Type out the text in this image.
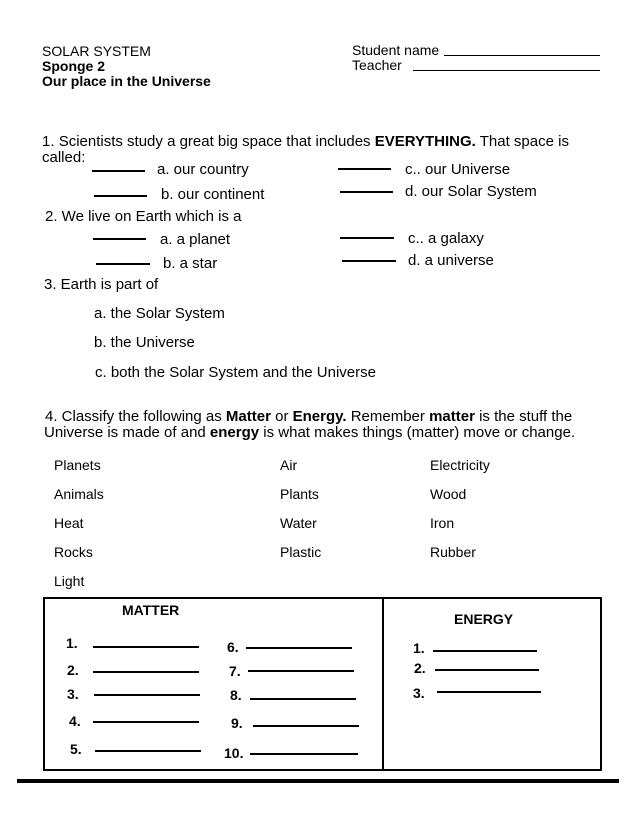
SOLAR SYSTEM
Sponge 2
Our place in the Universe
Student name
Teacher
1. Scientists study a great big space that includes EVERYTHING. That space is
called:
a. our country
b. our continent
c.. our Universe
d. our Solar System
2. We live on Earth which is a
a. a planet
b. a star
c.. a galaxy
d. a universe
3. Earth is part of
a. the Solar System
b. the Universe
c. both the Solar System and the Universe
4. Classify the following as Matter or Energy. Remember matter is the stuff the
Universe is made of and energy is what makes things (matter) move or change.
Planets
Animals
Heat
Rocks
Light
Air
Plants
Water
Plastic
Electricity
Wood
Iron
Rubber
MATTER
ENERGY
1.
2.
3.
4.
5.
6.
7.
8.
9.
10.
1.
2.
3.
